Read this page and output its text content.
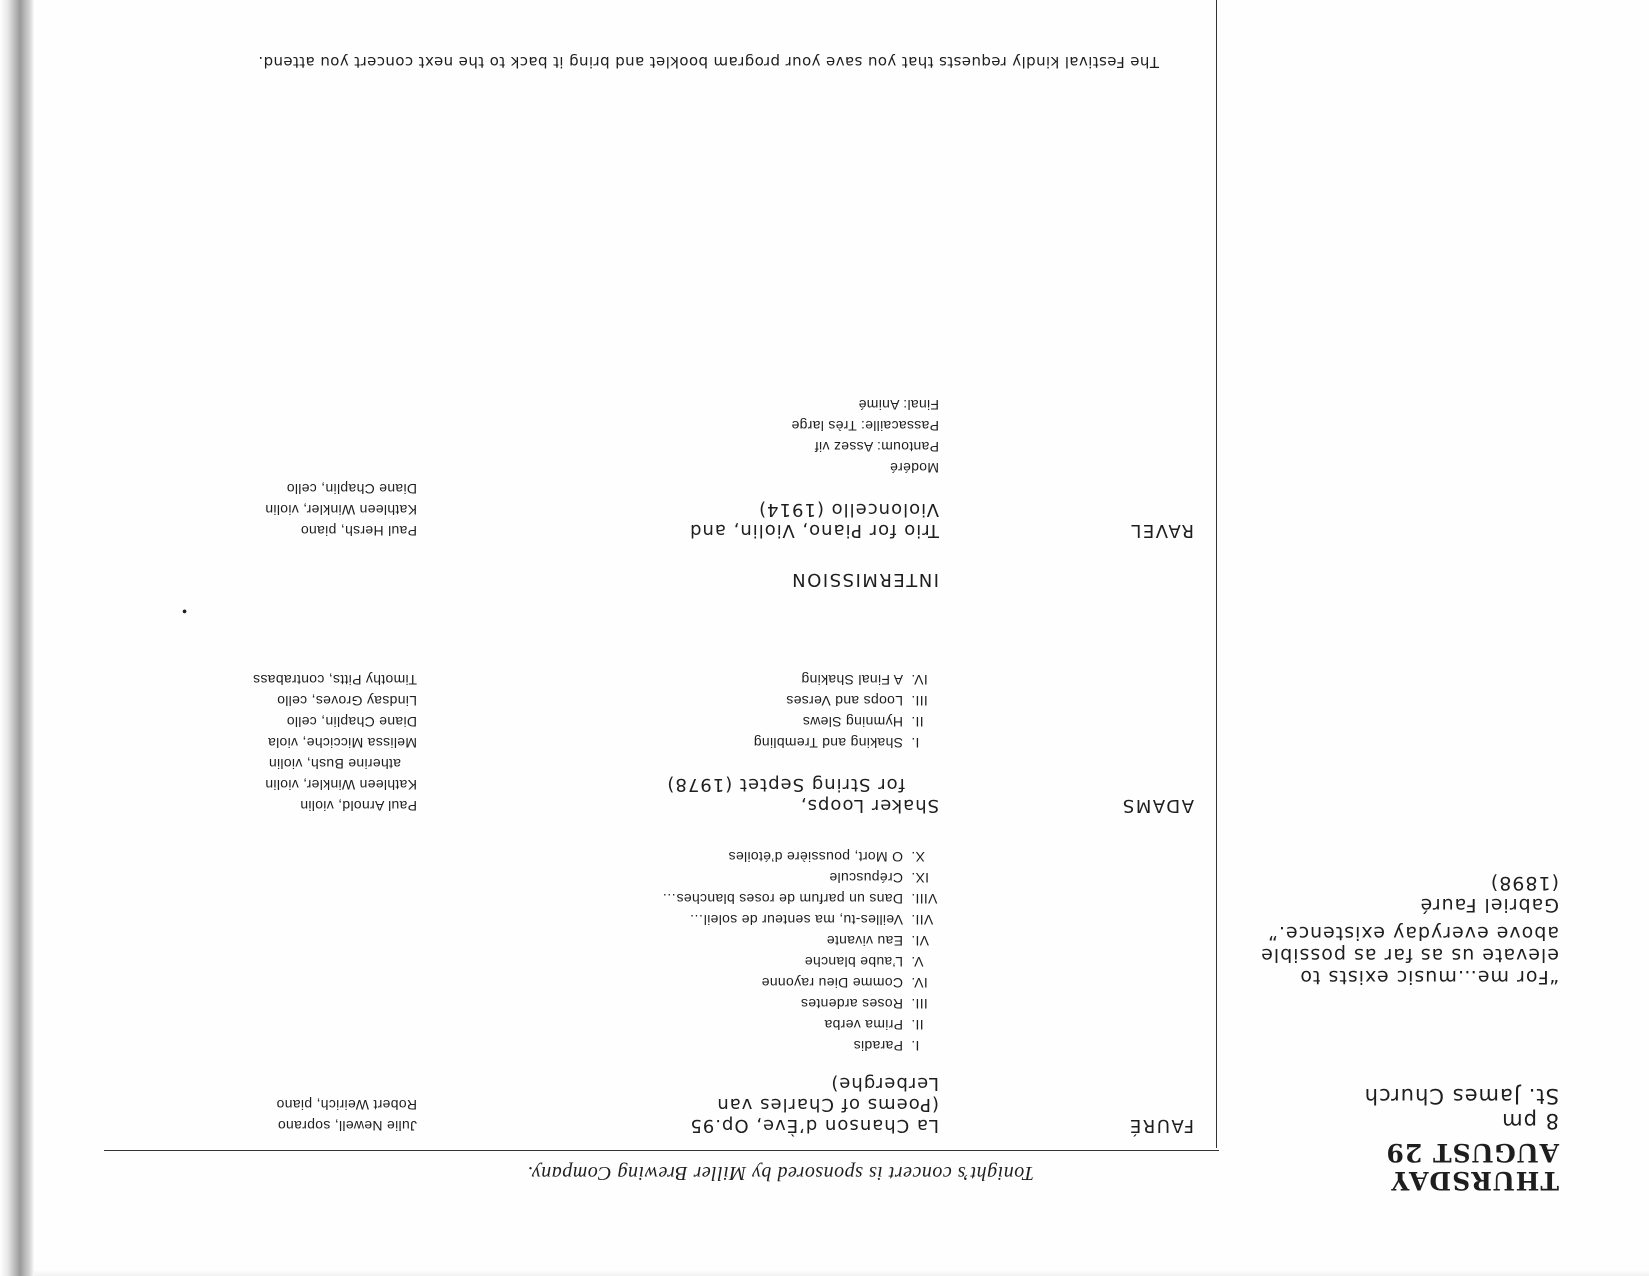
THURSDAY
AUGUST 29
8 pm
St. James Church
“For me…music exists to
elevate us as far as possible
above everyday existence.”
Gabriel Fauré
(1898)
Tonight’s concert is sponsored by Miller Brewing Company.
FAURÉ
La Chanson d’Ève, Op.95
(Poems of Charles van
Lerberghe)
Julie Newell, soprano
Robert Weirich, piano
I.Paradis
II.Prima verba
III.Roses ardentes
IV.Comme Dieu rayonne
V.L’aube blanche
VI.Eau vivante
VII.Veilles-tu, ma senteur de soleil…
VIII.Dans un parfum de roses blanches…
IX.Crépuscule
X.O Mort, poussière d’étoiles
ADAMS
Shaker Loops,
for String Septet (1978)
Paul Arnold, violin
Kathleen Winkler, violin
atherine Bush, violin
Melissa Micciche, viola
Diane Chaplin, cello
Lindsay Groves, cello
Timothy Pitts, contrabass
•
I.Shaking and Trembling
II.Hymning Slews
III.Loops and Verses
IV.A Final Shaking
INTERMISSION
RAVEL
Trio for Piano, Violin, and
Violoncello (1914)
Paul Hersh, piano
Kathleen Winkler, violin
Diane Chaplin, cello
Modéré
Pantoum: Assez vif
Passacaille: Très large
Final: Animé
The Festival kindly requests that you save your program booklet and bring it back to the next concert you attend.
